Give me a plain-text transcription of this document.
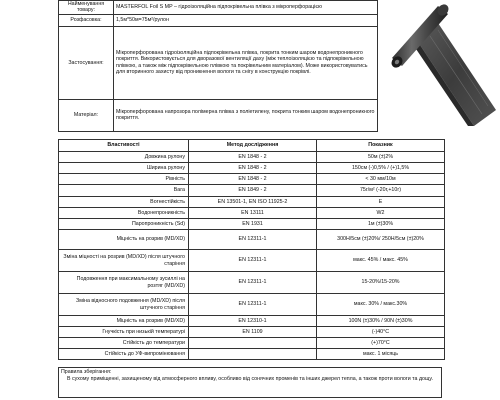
Найменування товару:	MASTERFOL Foil S MP – гідроізоляційна підпокрівельна плівка з мікроперфорацією
Розфасовка:	1,5м*50м=75м²/рулон
Застосування:	Мікроперфорована гідроізоляційна підпокрівельна плівка, покрита тонким шаром водонепроникного покриття. Використовується для дворазової вентиляції даху (між теплоізоляцією та підпокрівельною плівкою, а також між підпокрівельною плівкою та покрівельним матеріалом). Може використовуватись для вторинного захисту від проникнення вологи та снігу в конструкцію покрівлі.
Матеріал:	Мікроперфорована напрозора полімерна плівка з поліетилену, покрита тонким шаром водонепроникного покриття.
Властивості	Метод дослідження	Показник
Довжина рулону	EN 1848 - 2	50м (±)2%
Ширина рулону	EN 1848 - 2	150см (-)0,5% / (+)1,5%
Рівність	EN 1848 - 2	< 30 мм/10м
Вага	EN 1849 - 2	75г/м² (-20г,+10г)
Вогнестійкість	EN 13501-1, EN ISO 11925-2	E
Водонепроникність	EN 13111	W2
Паропроникність (Sd)	EN 1931	1м (±)30%
Міцність на розрив (MD/XD)	EN 12311-1	300Н/5см (±)20%/ 250Н/5см (±)20%
Зміна міцності на розрив (MD/XD) після штучного старіння	EN 12311-1	макс. 45% / макс. 45%
Подовження при максимальному зусиллі на розтяг (MD/XD)	EN 12311-1	15-20%/15-20%
Зміна відносного подовження (MD/XD) після штучного старіння	EN 12311-1	макс. 30% / макс.30%
Міцність на розрив (MD/XD)	EN 12310-1	100N (±)30% / 90N (±)30%
Гнучкість при низькій температурі	EN 1109	(-)40°C
Стійкість до температури		(+)70°C
Стійкість до УФ-випромінювання		макс. 1 місяць
Правила зберігання:
В сухому приміщенні, захищеному від атмосферного впливу, особливо від сонячних променів та інших джерел тепла, а також проти вологи та дощу.
